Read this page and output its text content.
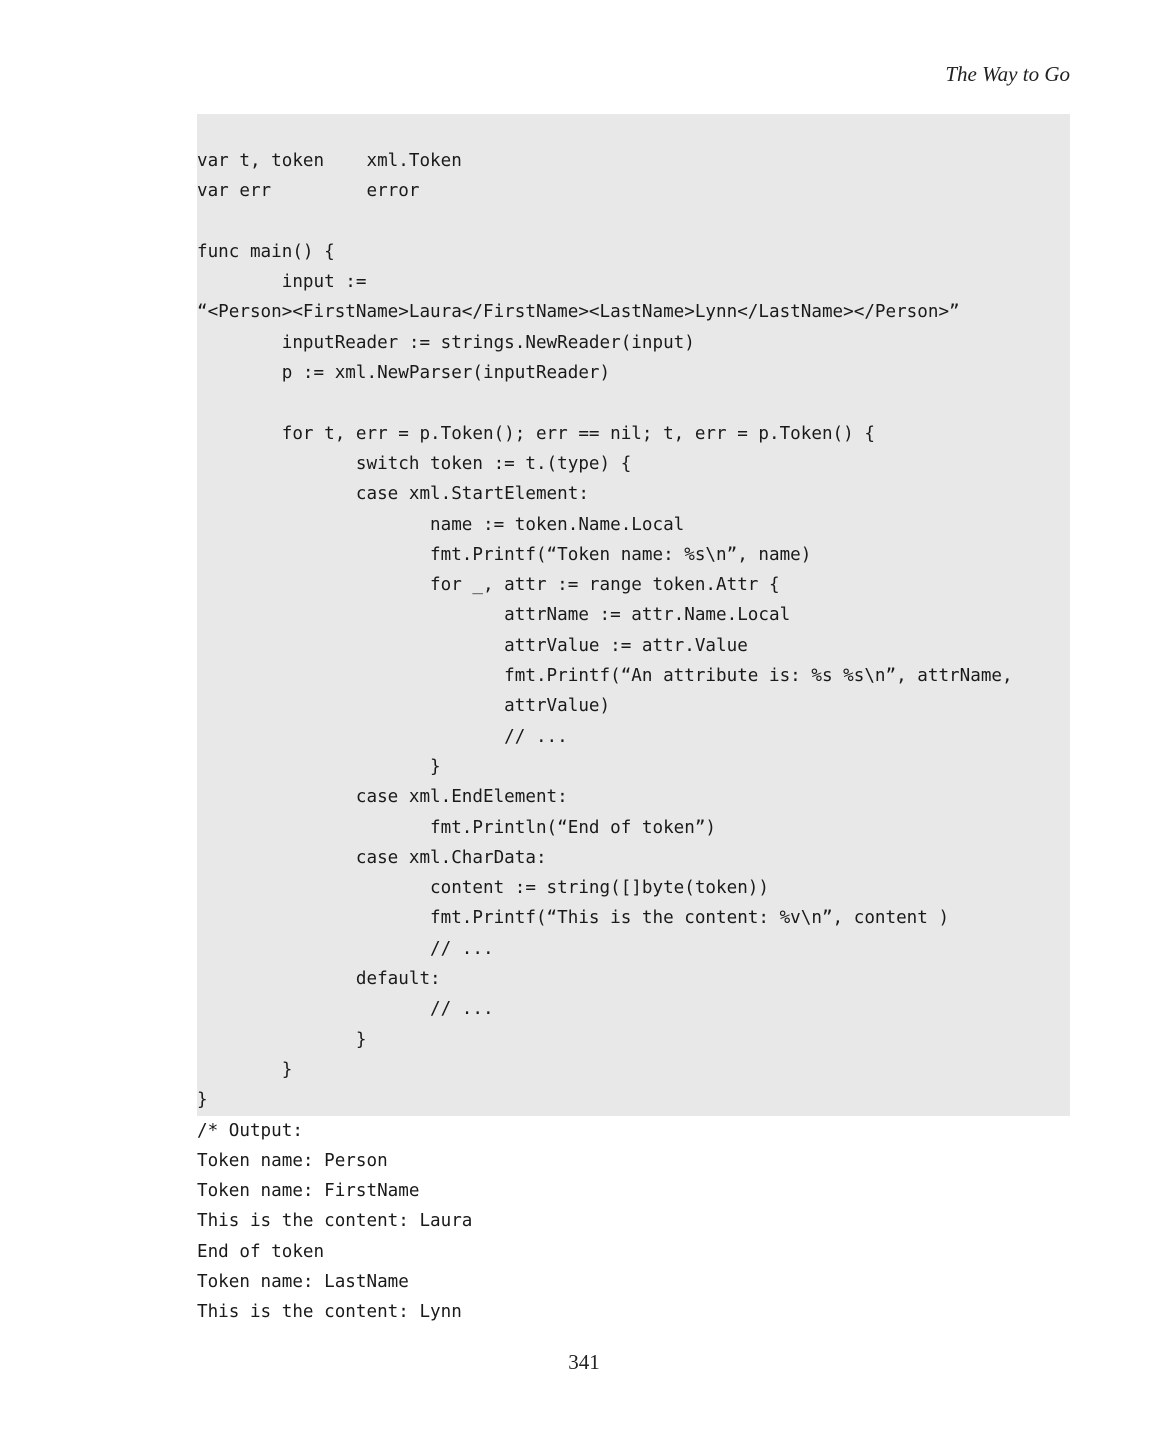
The Way to Go
var t, token    xml.Token
var err         error
func main() {
input :=
“<Person><FirstName>Laura</FirstName><LastName>Lynn</LastName></Person>”
inputReader := strings.NewReader(input)
p := xml.NewParser(inputReader)
for t, err = p.Token(); err == nil; t, err = p.Token() {
switch token := t.(type) {
case xml.StartElement:
name := token.Name.Local
fmt.Printf(“Token name: %s\n”, name)
for _, attr := range token.Attr {
attrName := attr.Name.Local
attrValue := attr.Value
fmt.Printf(“An attribute is: %s %s\n”, attrName,
attrValue)
// ...
}
case xml.EndElement:
fmt.Println(“End of token”)
case xml.CharData:
content := string([]byte(token))
fmt.Printf(“This is the content: %v\n”, content )
// ...
default:
// ...
}
}
}
/* Output:
Token name: Person
Token name: FirstName
This is the content: Laura
End of token
Token name: LastName
This is the content: Lynn
341
